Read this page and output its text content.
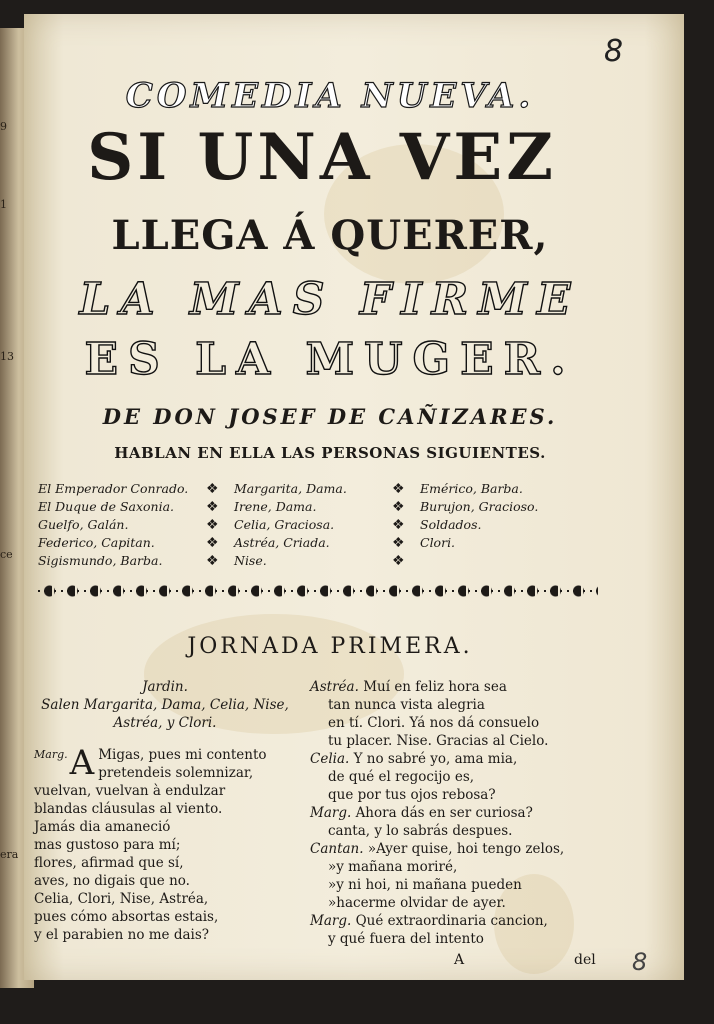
9
1
13
ce
era
8
COMEDIA NUEVA.
SI UNA VEZ
LLEGA Á QUERER,
LA MAS FIRME
ES LA MUGER.
DE DON JOSEF DE CAÑIZARES.
HABLAN EN ELLA LAS PERSONAS SIGUIENTES.
El Emperador Conrado.
El Duque de Saxonia.
Guelfo, Galán.
Federico, Capitan.
Sigismundo, Barba.
❖
❖
❖
❖
❖
Margarita, Dama.
Irene, Dama.
Celia, Graciosa.
Astréa, Criada.
Nise.
❖
❖
❖
❖
❖
Emérico, Barba.
Burujon, Gracioso.
Soldados.
Clori.
JORNADA PRIMERA.
Jardin.
Salen Margarita, Dama, Celia, Nise,
Astréa, y Clori.
Marg. A Migas, pues mi contento
pretendeis solemnizar,
vuelvan, vuelvan à endulzar
blandas cláusulas al viento.
Jamás dia amaneció
mas gustoso para mí;
flores, afirmad que sí,
aves, no digais que no.
Celia, Clori, Nise, Astréa,
pues cómo absortas estais,
y el parabien no me dais?
Astréa. Muí en feliz hora sea
tan nunca vista alegria
en tí. Clori. Yá nos dá consuelo
tu placer. Nise. Gracias al Cielo.
Celia. Y no sabré yo, ama mia,
de qué el regocijo es,
que por tus ojos rebosa?
Marg. Ahora dás en ser curiosa?
canta, y lo sabrás despues.
Cantan. »Ayer quise, hoi tengo zelos,
»y mañana moriré,
»y ni hoi, ni mañana pueden
»hacerme olvidar de ayer.
Marg. Qué extraordinaria cancion,
y qué fuera del intento
A	del 8
